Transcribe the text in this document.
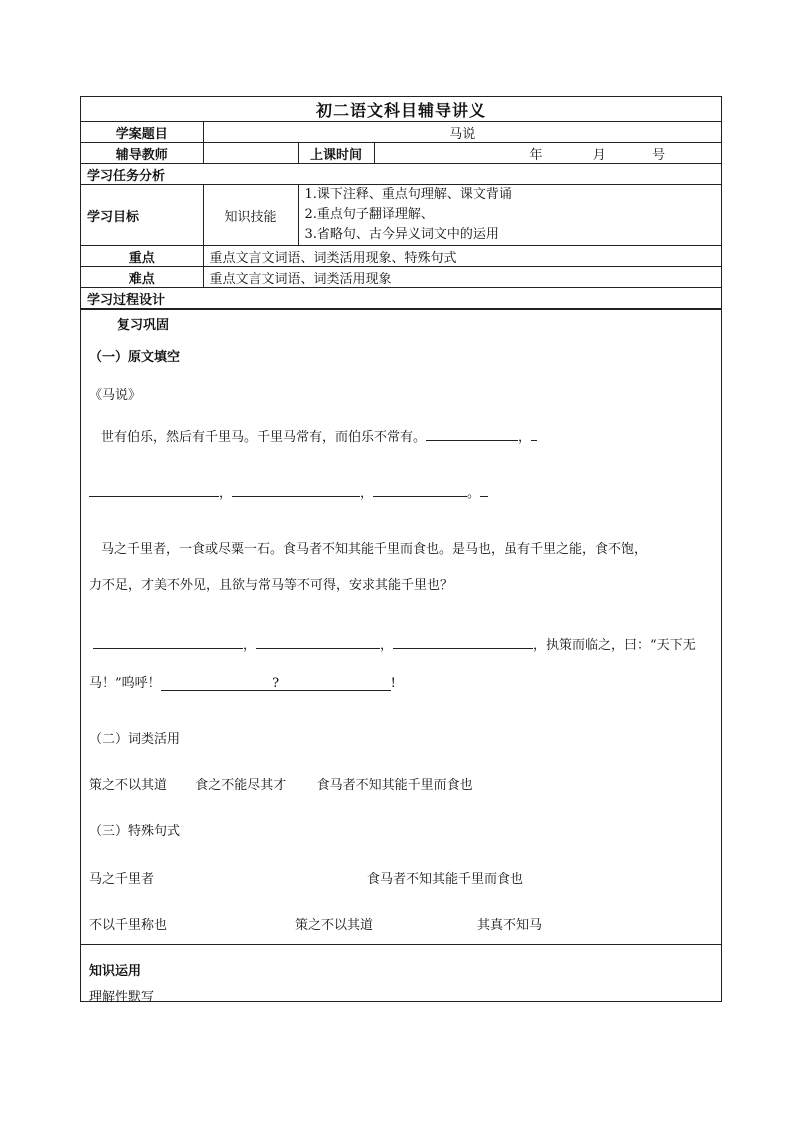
初二语文科目辅导讲义			
学案题目	马说		
辅导教师		上课时间	年 月 号
学习任务分析			
学习目标	知识技能	1.课下注释、重点句理解、课文背诵
2.重点句子翻译理解、
3.省略句、古今异义词文中的运用	

重点	重点文言文词语、词类活用现象、特殊句式		
难点	重点文言文词语、词类活用现象		
学习过程设计			
复习巩固
（一）原文填空
《马说》
世有伯乐，然后有千里马。千里马常有，而伯乐不常有。	，
，	，	。
马之千里者，一食或尽粟一石。食马者不知其能千里而食也。是马也，虽有千里之能，食不饱，
力不足，才美不外见，且欲与常马等不可得，安求其能千里也？
，	，	，执策而临之，曰：“天下无
马！”呜呼！	?	!
（二）词类活用
策之不以其道 食之不能尽其才 食马者不知其能千里而食也
（三）特殊句式
马之千里者	食马者不知其能千里而食也
不以千里称也	策之不以其道	其真不知马
知识运用
理解性默写
